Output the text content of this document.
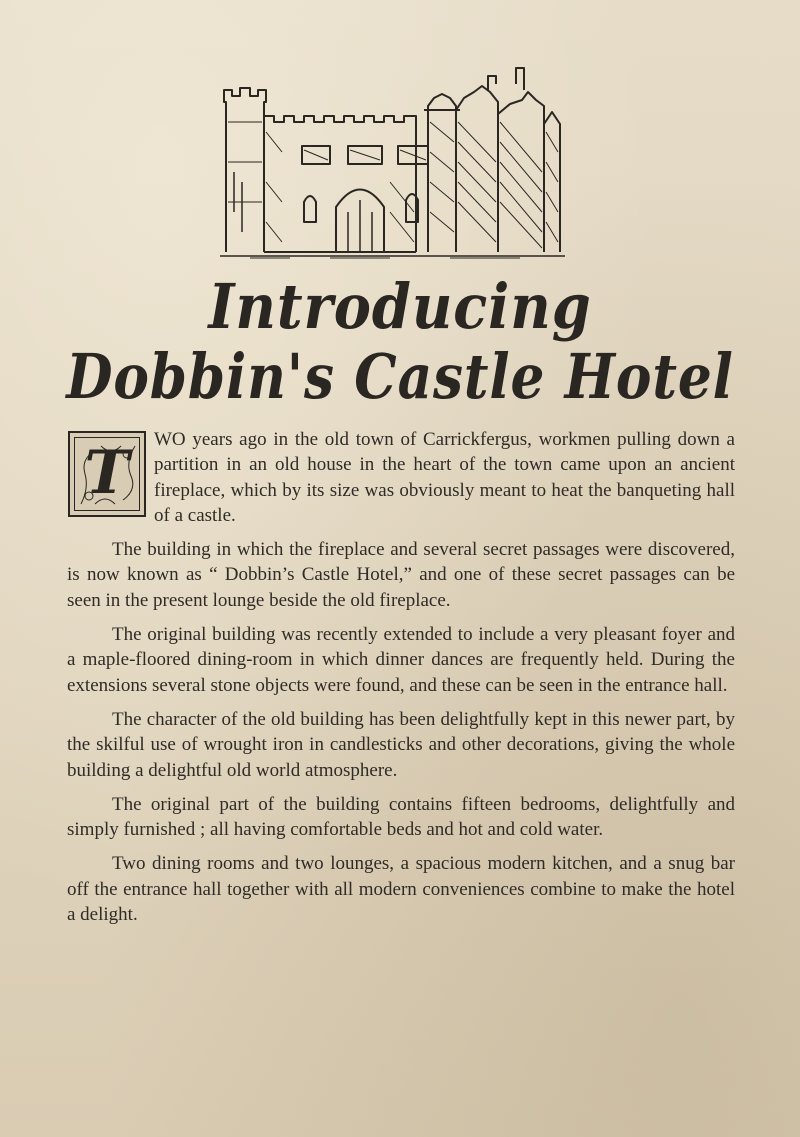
Introducing
Dobbin's Castle Hotel

T WO years ago in the old town of Carrickfergus, workmen pulling down a partition in an old house in the heart of the town came upon an ancient fireplace, which by its size was obviously meant to heat the banqueting hall of a castle.

The building in which the fireplace and several secret passages were discovered, is now known as “ Dobbin’s Castle Hotel,” and one of these secret passages can be seen in the present lounge beside the old fireplace.

The original building was recently extended to include a very pleasant foyer and a maple-floored dining-room in which dinner dances are frequently held. During the extensions several stone objects were found, and these can be seen in the entrance hall.

The character of the old building has been delightfully kept in this newer part, by the skilful use of wrought iron in candlesticks and other decorations, giving the whole building a delightful old world atmosphere.

The original part of the building contains fifteen bedrooms, delightfully and simply furnished ; all having comfortable beds and hot and cold water.

Two dining rooms and two lounges, a spacious modern kitchen, and a snug bar off the entrance hall together with all modern conveniences combine to make the hotel a delight.
